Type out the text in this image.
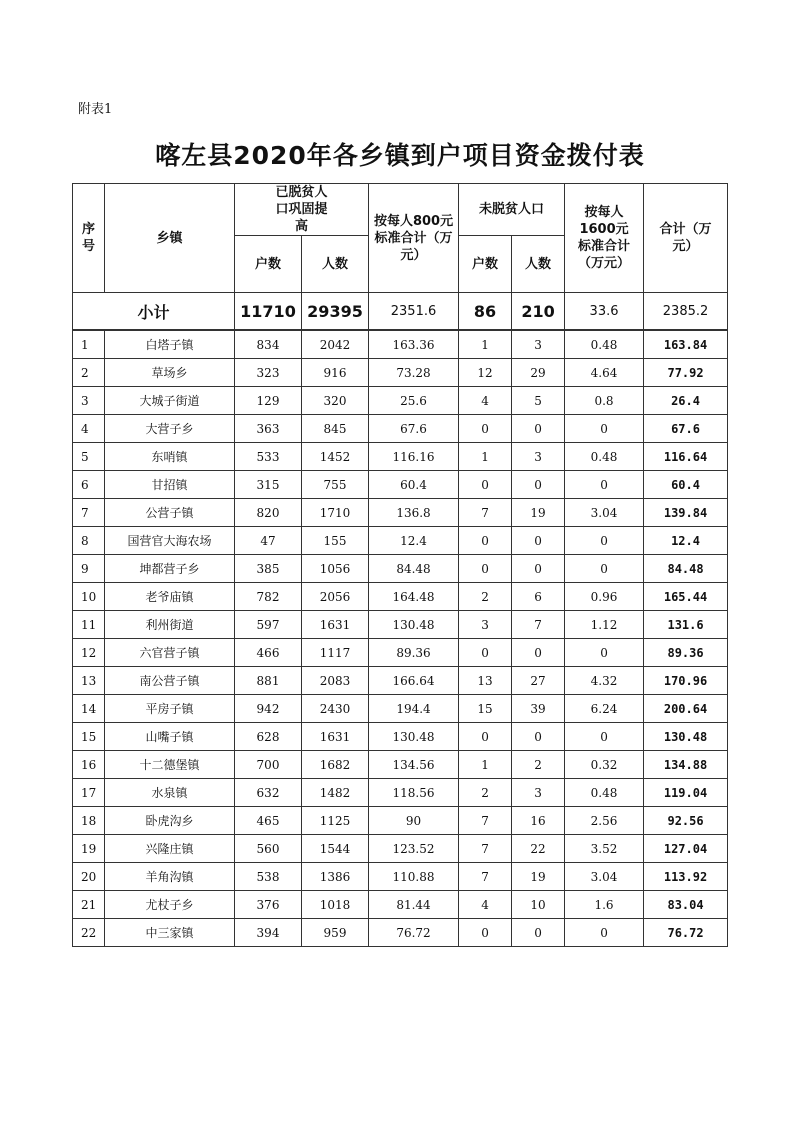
附表1
喀左县2020年各乡镇到户项目资金拨付表
序号	乡镇	已脱贫人口巩固提高		按每人800元标准合计（万元）	未脱贫人口		按每人1600元标准合计（万元）	合计（万元）
		户数	人数		户数	人数		
小计		11710	29395	2351.6	86	210	33.6	2385.2
1	白塔子镇	834	2042	163.36	1	3	0.48	163.84
2	草场乡	323	916	73.28	12	29	4.64	77.92
3	大城子街道	129	320	25.6	4	5	0.8	26.4
4	大营子乡	363	845	67.6	0	0	0	67.6
5	东哨镇	533	1452	116.16	1	3	0.48	116.64
6	甘招镇	315	755	60.4	0	0	0	60.4
7	公营子镇	820	1710	136.8	7	19	3.04	139.84
8	国营官大海农场	47	155	12.4	0	0	0	12.4
9	坤都营子乡	385	1056	84.48	0	0	0	84.48
10	老爷庙镇	782	2056	164.48	2	6	0.96	165.44
11	利州街道	597	1631	130.48	3	7	1.12	131.6
12	六官营子镇	466	1117	89.36	0	0	0	89.36
13	南公营子镇	881	2083	166.64	13	27	4.32	170.96
14	平房子镇	942	2430	194.4	15	39	6.24	200.64
15	山嘴子镇	628	1631	130.48	0	0	0	130.48
16	十二德堡镇	700	1682	134.56	1	2	0.32	134.88
17	水泉镇	632	1482	118.56	2	3	0.48	119.04
18	卧虎沟乡	465	1125	90	7	16	2.56	92.56
19	兴隆庄镇	560	1544	123.52	7	22	3.52	127.04
20	羊角沟镇	538	1386	110.88	7	19	3.04	113.92
21	尤杖子乡	376	1018	81.44	4	10	1.6	83.04
22	中三家镇	394	959	76.72	0	0	0	76.72
